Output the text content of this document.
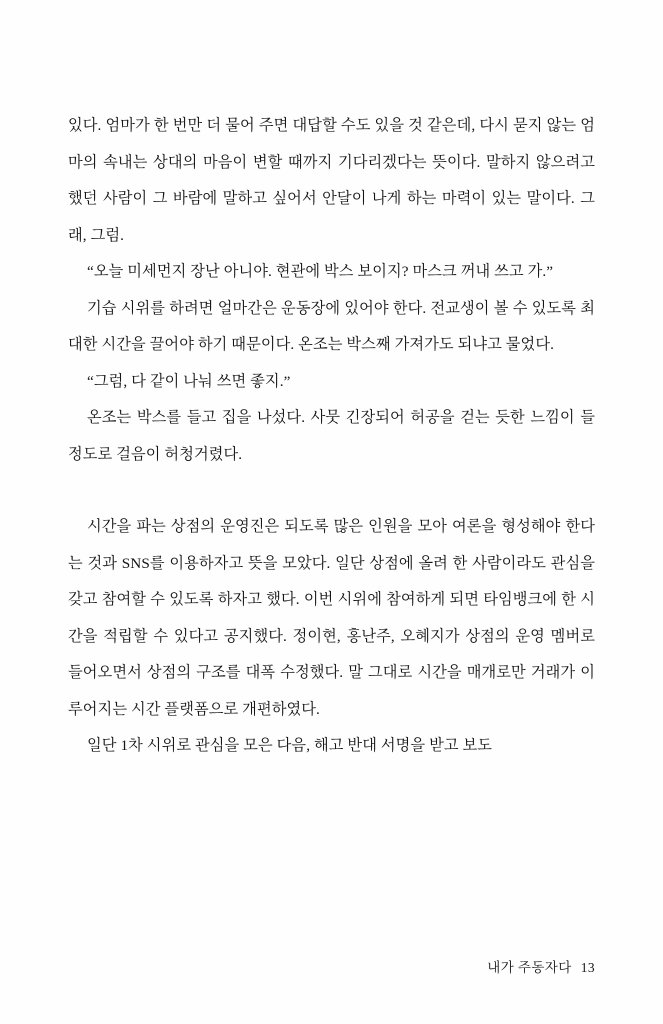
있다. 엄마가 한 번만 더 물어 주면 대답할 수도 있을 것 같은데, 다시 묻지 않는 엄마의 속내는 상대의 마음이 변할 때까지 기다리겠다는 뜻이다. 말하지 않으려고 했던 사람이 그 바람에 말하고 싶어서 안달이 나게 하는 마력이 있는 말이다. 그래, 그럼.

“오늘 미세먼지 장난 아니야. 현관에 박스 보이지? 마스크 꺼내 쓰고 가.”

기습 시위를 하려면 얼마간은 운동장에 있어야 한다. 전교생이 볼 수 있도록 최대한 시간을 끌어야 하기 때문이다. 온조는 박스째 가져가도 되냐고 물었다.

“그럼, 다 같이 나눠 쓰면 좋지.”

온조는 박스를 들고 집을 나섰다. 사뭇 긴장되어 허공을 걷는 듯한 느낌이 들 정도로 걸음이 허청거렸다.

시간을 파는 상점의 운영진은 되도록 많은 인원을 모아 여론을 형성해야 한다는 것과 SNS를 이용하자고 뜻을 모았다. 일단 상점에 올려 한 사람이라도 관심을 갖고 참여할 수 있도록 하자고 했다. 이번 시위에 참여하게 되면 타임뱅크에 한 시간을 적립할 수 있다고 공지했다. 정이현, 홍난주, 오혜지가 상점의 운영 멤버로 들어오면서 상점의 구조를 대폭 수정했다. 말 그대로 시간을 매개로만 거래가 이루어지는 시간 플랫폼으로 개편하였다.

일단 1차 시위로 관심을 모은 다음, 해고 반대 서명을 받고 보도

내가 주동자다 13
